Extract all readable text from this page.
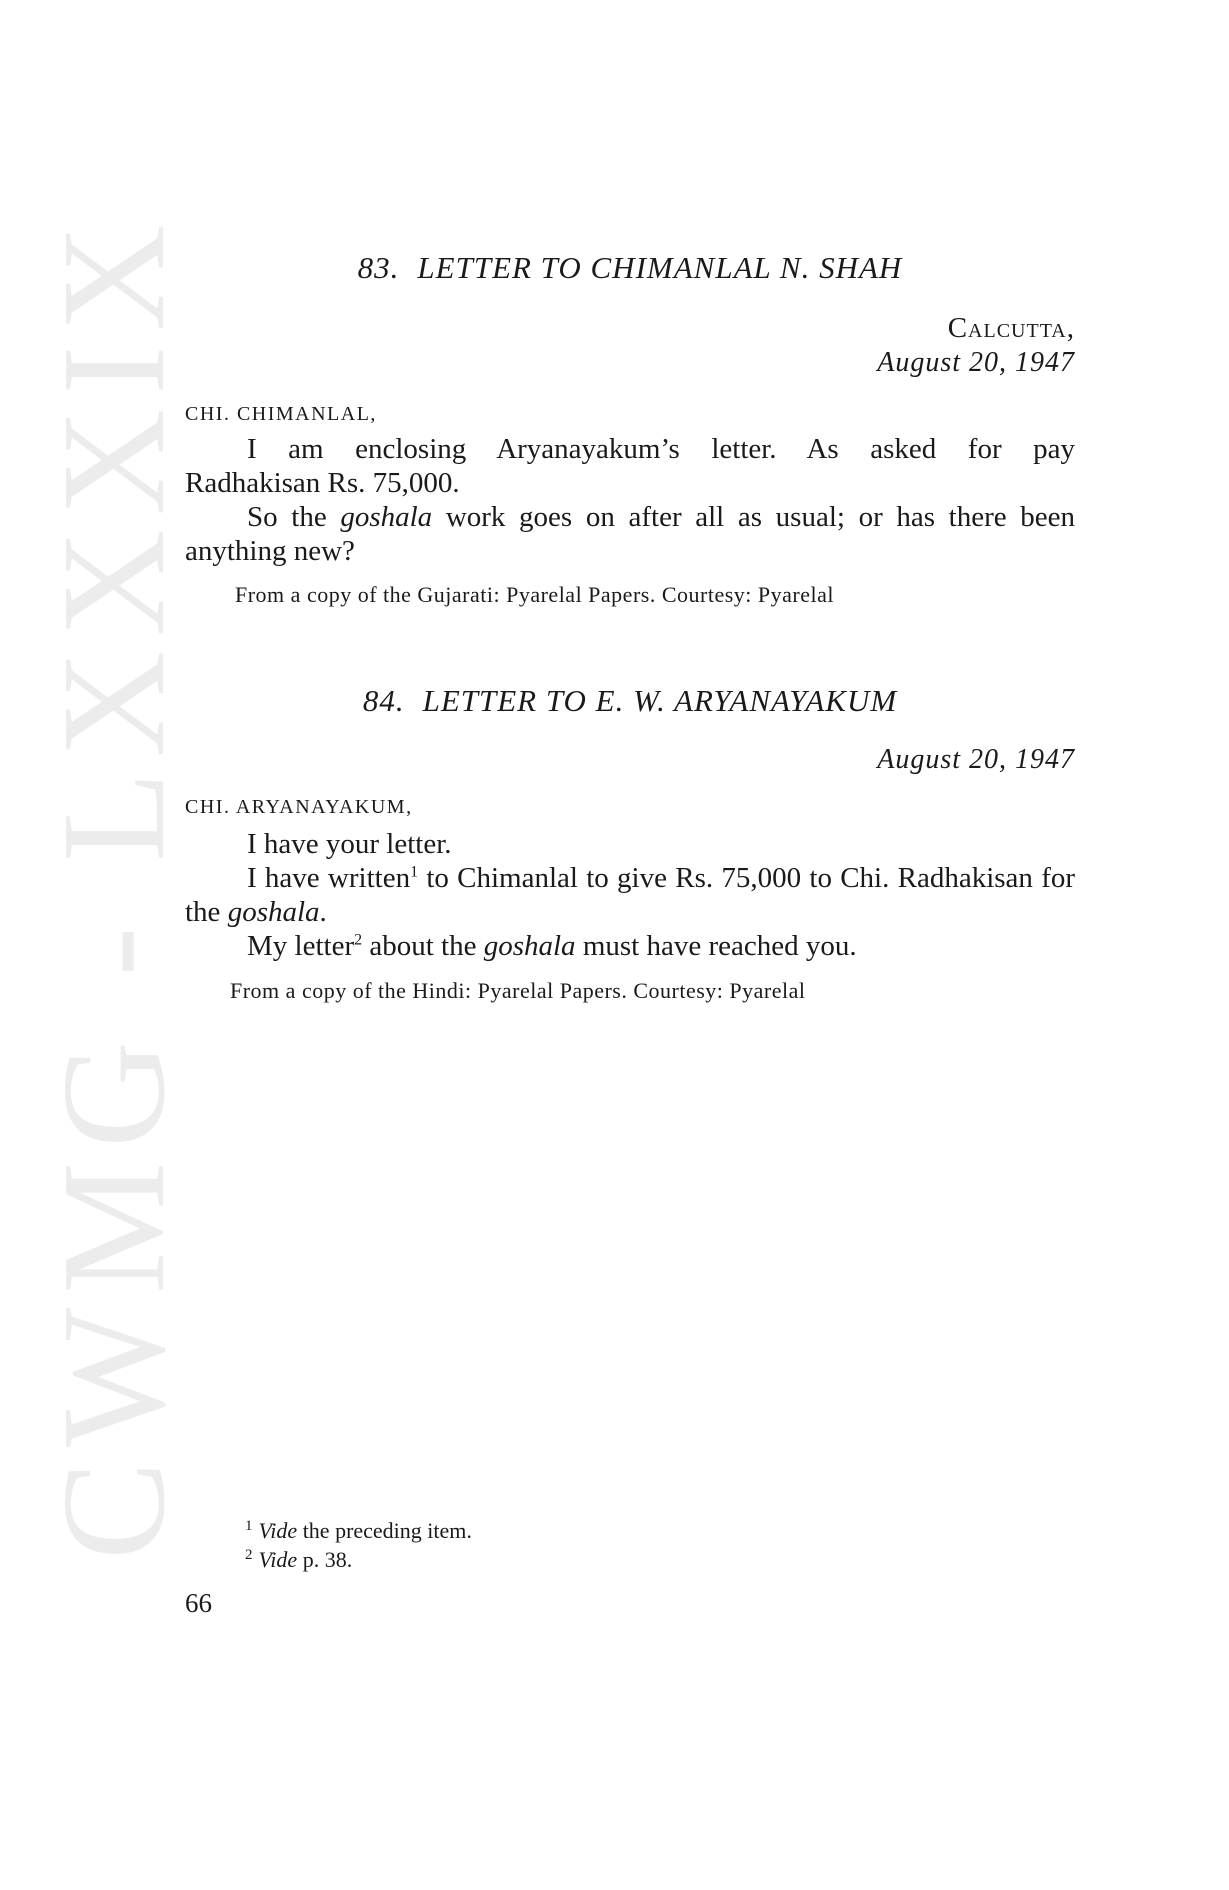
CWMG - LXXXIX	83. LETTER TO CHIMANLAL N. SHAH
Calcutta,
August 20, 1947
CHI. CHIMANLAL,
I am enclosing Aryanayakum’s letter. As asked for pay
Radhakisan Rs. 75,000.

So the goshala work goes on after all as usual; or has there been anything new?

From a copy of the Gujarati: Pyarelal Papers. Courtesy: Pyarelal
84. LETTER TO E. W. ARYANAYAKUM
August 20, 1947
CHI. ARYANAYAKUM,

I have your letter.

I have written$^1$ to Chimanlal to give Rs. 75,000 to Chi. Radhakisan for the goshala.

My letter$^2$ about the goshala must have reached you.

From a copy of the Hindi: Pyarelal Papers. Courtesy: Pyarelal
$^1$ Vide the preceding item.
$^2$ Vide p. 38.
66
